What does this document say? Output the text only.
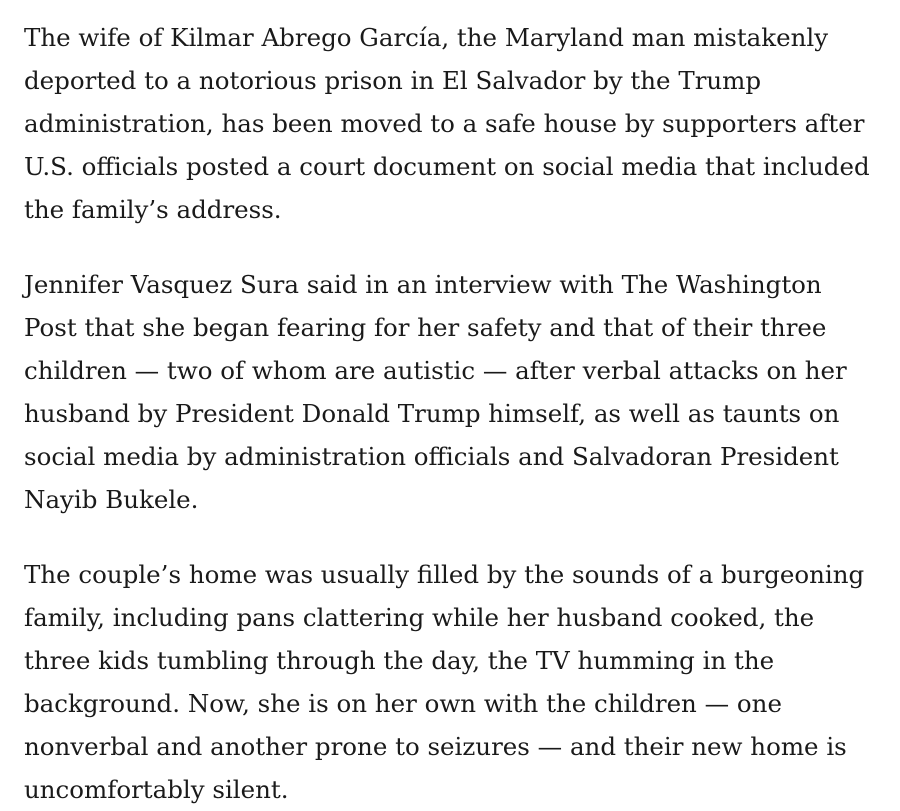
The wife of Kilmar Abrego García, the Maryland man mistakenly deported to a notorious prison in El Salvador by the Trump administration, has been moved to a safe house by supporters after U.S. officials posted a court document on social media that included the family’s address.

Jennifer Vasquez Sura said in an interview with The Washington Post that she began fearing for her safety and that of their three children — two of whom are autistic — after verbal attacks on her husband by President Donald Trump himself, as well as taunts on social media by administration officials and Salvadoran President Nayib Bukele.

The couple’s home was usually filled by the sounds of a burgeoning family, including pans clattering while her husband cooked, the three kids tumbling through the day, the TV humming in the background. Now, she is on her own with the children — one nonverbal and another prone to seizures — and their new home is uncomfortably silent.
